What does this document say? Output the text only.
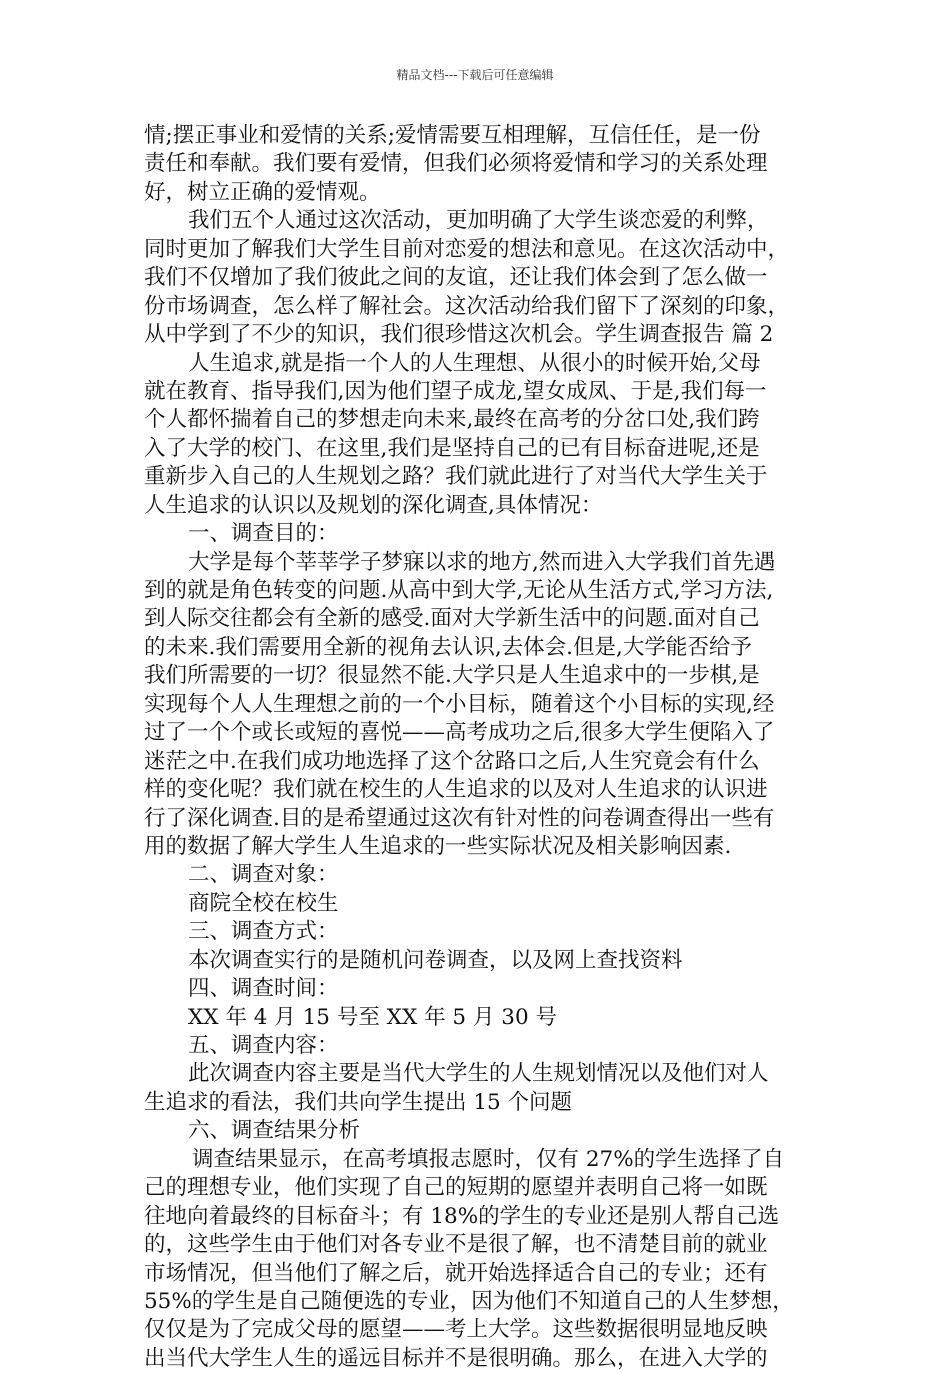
精品文档---下载后可任意编辑
情;摆正事业和爱情的关系;爱情需要互相理解，互信任任，是一份
责任和奉献。我们要有爱情，但我们必须将爱情和学习的关系处理
好，树立正确的爱情观。
我们五个人通过这次活动，更加明确了大学生谈恋爱的利弊，
同时更加了解我们大学生目前对恋爱的想法和意见。在这次活动中，
我们不仅增加了我们彼此之间的友谊，还让我们体会到了怎么做一
份市场调查，怎么样了解社会。这次活动给我们留下了深刻的印象，
从中学到了不少的知识，我们很珍惜这次机会。学生调查报告 篇 2
人生追求,就是指一个人的人生理想、从很小的时候开始,父母
就在教育、指导我们,因为他们望子成龙,望女成凤、于是,我们每一
个人都怀揣着自己的梦想走向未来,最终在高考的分岔口处,我们跨
入了大学的校门、在这里,我们是坚持自己的已有目标奋进呢,还是
重新步入自己的人生规划之路？我们就此进行了对当代大学生关于
人生追求的认识以及规划的深化调查,具体情况：
一、调查目的：
大学是每个莘莘学子梦寐以求的地方,然而进入大学我们首先遇
到的就是角色转变的问题.从高中到大学,无论从生活方式,学习方法,
到人际交往都会有全新的感受.面对大学新生活中的问题.面对自己
的未来.我们需要用全新的视角去认识,去体会.但是,大学能否给予
我们所需要的一切？很显然不能.大学只是人生追求中的一步棋,是
实现每个人人生理想之前的一个小目标，随着这个小目标的实现,经
过了一个个或长或短的喜悦——高考成功之后,很多大学生便陷入了
迷茫之中.在我们成功地选择了这个岔路口之后,人生究竟会有什么
样的变化呢？我们就在校生的人生追求的以及对人生追求的认识进
行了深化调查.目的是希望通过这次有针对性的问卷调查得出一些有
用的数据了解大学生人生追求的一些实际状况及相关影响因素.
二、调查对象：
商院全校在校生
三、调查方式：
本次调查实行的是随机问卷调查，以及网上查找资料
四、调查时间：
XX 年 4 月 15 号至 XX 年 5 月 30 号
五、调查内容：
此次调查内容主要是当代大学生的人生规划情况以及他们对人
生追求的看法，我们共向学生提出 15 个问题
六、调查结果分析
调查结果显示，在高考填报志愿时，仅有 27%的学生选择了自
己的理想专业，他们实现了自己的短期的愿望并表明自己将一如既
往地向着最终的目标奋斗；有 18%的学生的专业还是别人帮自己选
的，这些学生由于他们对各专业不是很了解，也不清楚目前的就业
市场情况，但当他们了解之后，就开始选择适合自己的专业；还有
55%的学生是自己随便选的专业，因为他们不知道自己的人生梦想，
仅仅是为了完成父母的愿望——考上大学。这些数据很明显地反映
出当代大学生人生的遥远目标并不是很明确。那么，在进入大学的
